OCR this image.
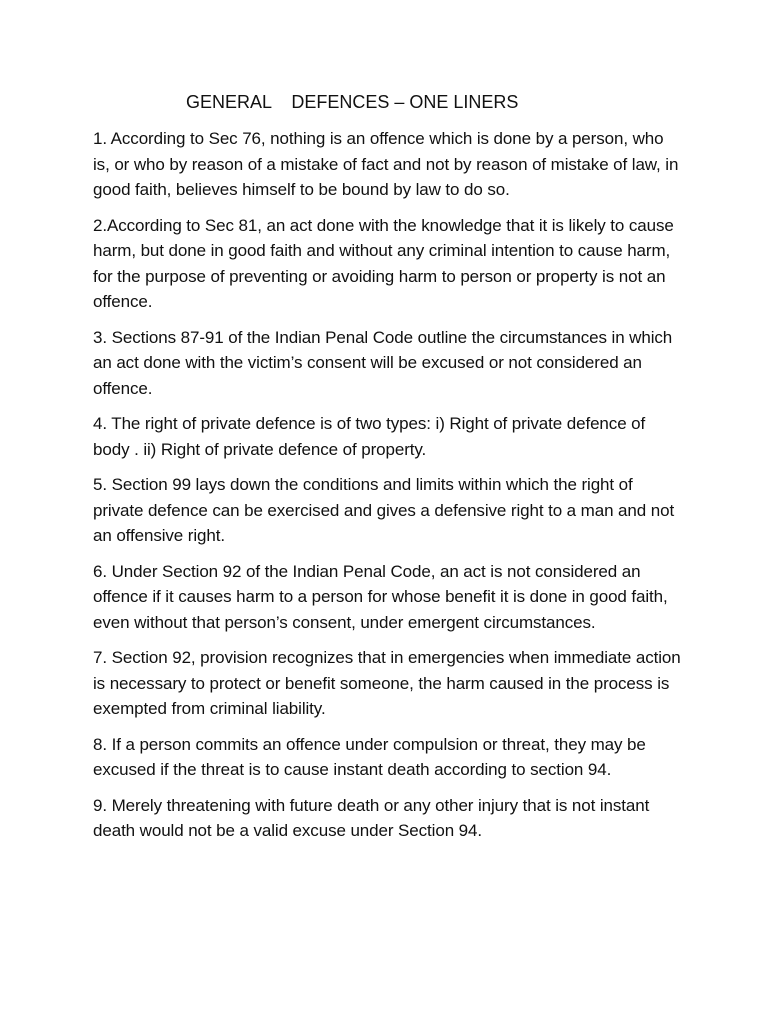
GENERAL    DEFENCES – ONE LINERS

1. According to Sec 76, nothing is an offence which is done by a person, who is, or who by reason of a mistake of fact and not by reason of mistake of law, in good faith, believes himself to be bound by law to do so.

2.According to Sec 81, an act done with the knowledge that it is likely to cause harm, but done in good faith and without any criminal intention to cause harm, for the purpose of preventing or avoiding harm to person or property is not an offence.

3. Sections 87-91 of the Indian Penal Code outline the circumstances in which an act done with the victim’s consent will be excused or not considered an offence.

4. The right of private defence is of two types: i) Right of private defence of body . ii) Right of private defence of property.

5. Section 99 lays down the conditions and limits within which the right of private defence can be exercised and gives a defensive right to a man and not an offensive right.

6. Under Section 92 of the Indian Penal Code, an act is not considered an offence if it causes harm to a person for whose benefit it is done in good faith, even without that person’s consent, under emergent circumstances.

7. Section 92, provision recognizes that in emergencies when immediate action is necessary to protect or benefit someone, the harm caused in the process is exempted from criminal liability.

8. If a person commits an offence under compulsion or threat, they may be excused if the threat is to cause instant death according to section 94.

9. Merely threatening with future death or any other injury that is not instant death would not be a valid excuse under Section 94.
